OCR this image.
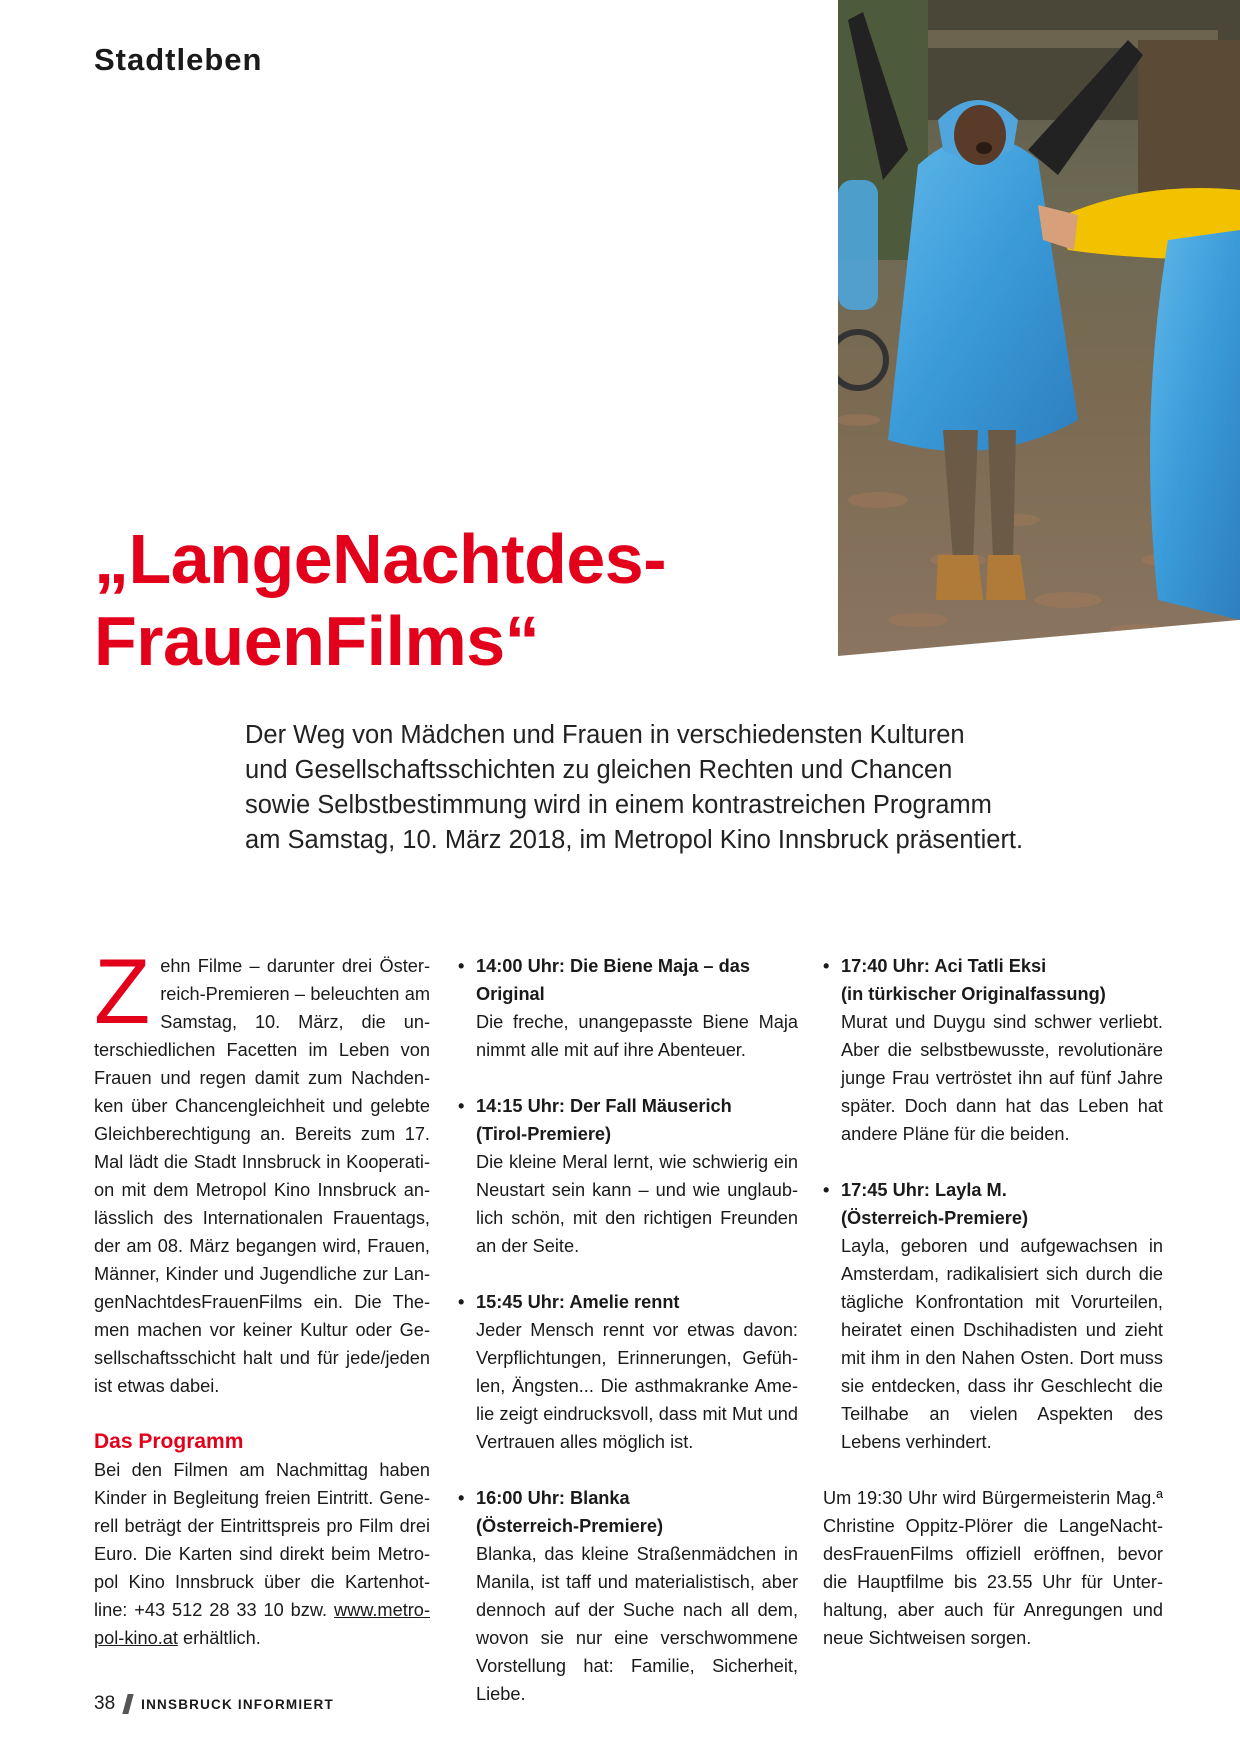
Stadtleben
„LangeNachtdes-FrauenFilms“

Der Weg von Mädchen und Frauen in verschiedensten Kulturen

und Gesellschaftsschichten zu gleichen Rechten und Chancen

sowie Selbstbestimmung wird in einem kontrastreichen Programm

am Samstag, 10. März 2018, im Metropol Kino Innsbruck präsentiert.

Zehn Filme – darunter drei Österreich-Premieren – beleuchten am Samstag, 10. März, die unterschiedlichen Facetten im Leben von Frauen und regen damit zum Nachdenken über Chancengleichheit und gelebte Gleichberechtigung an. Bereits zum 17. Mal lädt die Stadt Innsbruck in Kooperation mit dem Metropol Kino Innsbruck anlässlich des Internationalen Frauentags, der am 08. März begangen wird, Frauen, Männer, Kinder und Jugendliche zur LangenNachtdesFrauenFilms ein. Die Themen machen vor keiner Kultur oder Gesellschaftsschicht halt und für jede/jeden ist etwas dabei.

Das Programm

Bei den Filmen am Nachmittag haben Kinder in Begleitung freien Eintritt. Generell beträgt der Eintrittspreis pro Film drei Euro. Die Karten sind direkt beim Metropol Kino Innsbruck über die Kartenhotline: +43 512 28 33 10 bzw. www.metropol-kino.at erhältlich.

• 14:00 Uhr: Die Biene Maja – das Original
Die freche, unangepasste Biene Maja nimmt alle mit auf ihre Abenteuer.
• 14:15 Uhr: Der Fall Mäuserich
(Tirol-Premiere)
Die kleine Meral lernt, wie schwierig ein Neustart sein kann – und wie unglaublich schön, mit den richtigen Freunden an der Seite.
• 15:45 Uhr: Amelie rennt
Jeder Mensch rennt vor etwas davon: Verpflichtungen, Erinnerungen, Gefühlen, Ängsten... Die asthmakranke Amelie zeigt eindrucksvoll, dass mit Mut und Vertrauen alles möglich ist.
• 16:00 Uhr: Blanka
(Österreich-Premiere)
Blanka, das kleine Straßenmädchen in Manila, ist taff und materialistisch, aber dennoch auf der Suche nach all dem, wovon sie nur eine verschwommene Vorstellung hat: Familie, Sicherheit, Liebe.
• 17:40 Uhr: Aci Tatli Eksi
(in türkischer Originalfassung)
Murat und Duygu sind schwer verliebt. Aber die selbstbewusste, revolutionäre junge Frau vertröstet ihn auf fünf Jahre später. Doch dann hat das Leben hat andere Pläne für die beiden.
• 17:45 Uhr: Layla M.
(Österreich-Premiere)
Layla, geboren und aufgewachsen in Amsterdam, radikalisiert sich durch die tägliche Konfrontation mit Vorurteilen, heiratet einen Dschihadisten und zieht mit ihm in den Nahen Osten. Dort muss sie entdecken, dass ihr Geschlecht die Teilhabe an vielen Aspekten des Lebens verhindert.

Um 19:30 Uhr wird Bürgermeisterin Mag.ª Christine Oppitz-Plörer die LangeNachtdesFrauenFilms offiziell eröffnen, bevor die Hauptfilme bis 23.55 Uhr für Unterhaltung, aber auch für Anregungen und neue Sichtweisen sorgen.

38 INNSBRUCK INFORMIERT
